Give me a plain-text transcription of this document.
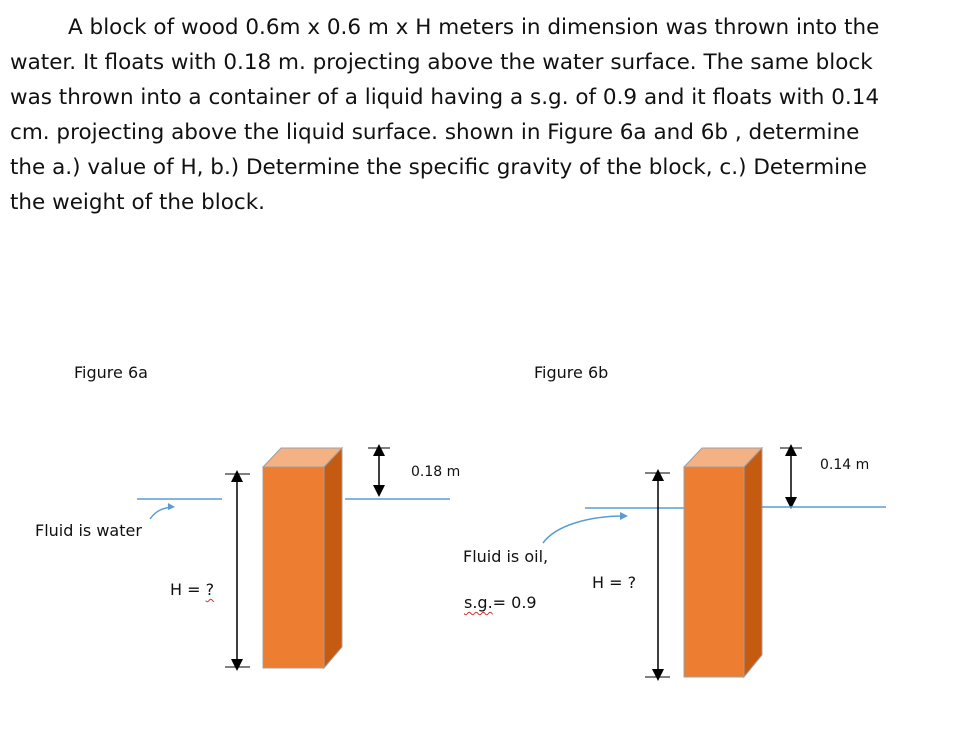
A block of wood 0.6m x 0.6 m x H meters in dimension was thrown into the
water. It floats with 0.18 m. projecting above the water surface. The same block
was thrown into a container of a liquid having a s.g. of 0.9 and it floats with 0.14
cm. projecting above the liquid surface. shown in Figure 6a and 6b , determine
the a.) value of H, b.) Determine the specific gravity of the block, c.) Determine
the weight of the block.
Figure 6a
Fluid is water
H = ?
0.18 m
Figure 6b
Fluid is oil,
s.g.= 0.9
H = ?
0.14 m
